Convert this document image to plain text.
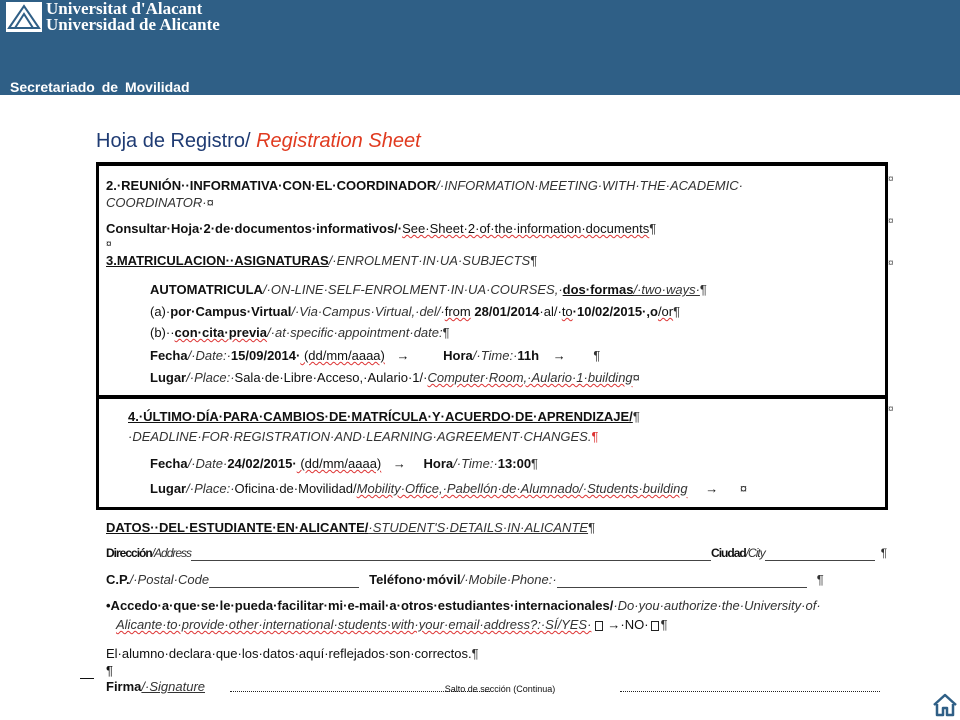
Universitat d'Alacant
Universidad de Alicante
Secretariado de Movilidad
Hoja de Registro/ Registration Sheet
2.·REUNIÓN··INFORMATIVA·CON·EL·COORDINADOR/·INFORMATION·MEETING·WITH·THE·ACADEMIC·
COORDINATOR·¤
Consultar·Hoja·2·de·documentos·informativos/·See·Sheet·2·of·the·information·documents¶
¤
3.MATRICULACION··ASIGNATURAS/·ENROLMENT·IN·UA·SUBJECTS¶
AUTOMATRICULA/·ON-LINE·SELF-ENROLMENT·IN·UA·COURSES,·dos·formas/·two·ways·¶
(a)·por·Campus·Virtual/·Via·Campus·Virtual,·del/·from 28/01/2014·al/·to·10/02/2015·,o/or¶
(b)··con·cita·previa/·at·specific·appointment·date:¶
Fecha/·Date:·15/09/2014· (dd/mm/aaaa) →	Hora/·Time:·11h → ¶
Lugar/·Place:·Sala·de·Libre·Acceso,·Aulario·1/·Computer·Room,·Aulario·1·building¤
4.·ÚLTIMO·DÍA·PARA·CAMBIOS·DE·MATRÍCULA·Y·ACUERDO·DE·APRENDIZAJE/¶
·DEADLINE·FOR·REGISTRATION·AND·LEARNING·AGREEMENT·CHANGES.¶
Fecha/·Date·24/02/2015· (dd/mm/aaaa) → Hora/·Time:·13:00¶
Lugar/·Place:·Oficina·de·Movilidad/Mobility·Office,·Pabellón·de·Alumnado/·Students·building → ¤
¤
¤
¤
¤
DATOS··DEL·ESTUDIANTE·EN·ALICANTE/·STUDENT'S·DETAILS·IN·ALICANTE¶
Dirección/Address	Ciudad/City	¶
C.P./·Postal·Code	Teléfono·móvil/·Mobile·Phone:·	¶
•Accedo·a·que·se·le·pueda·facilitar·mi·e-mail·a·otros·estudiantes·internacionales/·Do·you·authorize·the·University·of·
Alicante·to·provide·other·international·students·with·your·email·address?:·SÍ/YES· →·NO· ¶
El·alumno·declara·que·los·datos·aquí·reflejados·son·correctos.¶
¶
Firma/·Signature	Salto de sección (Continua)
